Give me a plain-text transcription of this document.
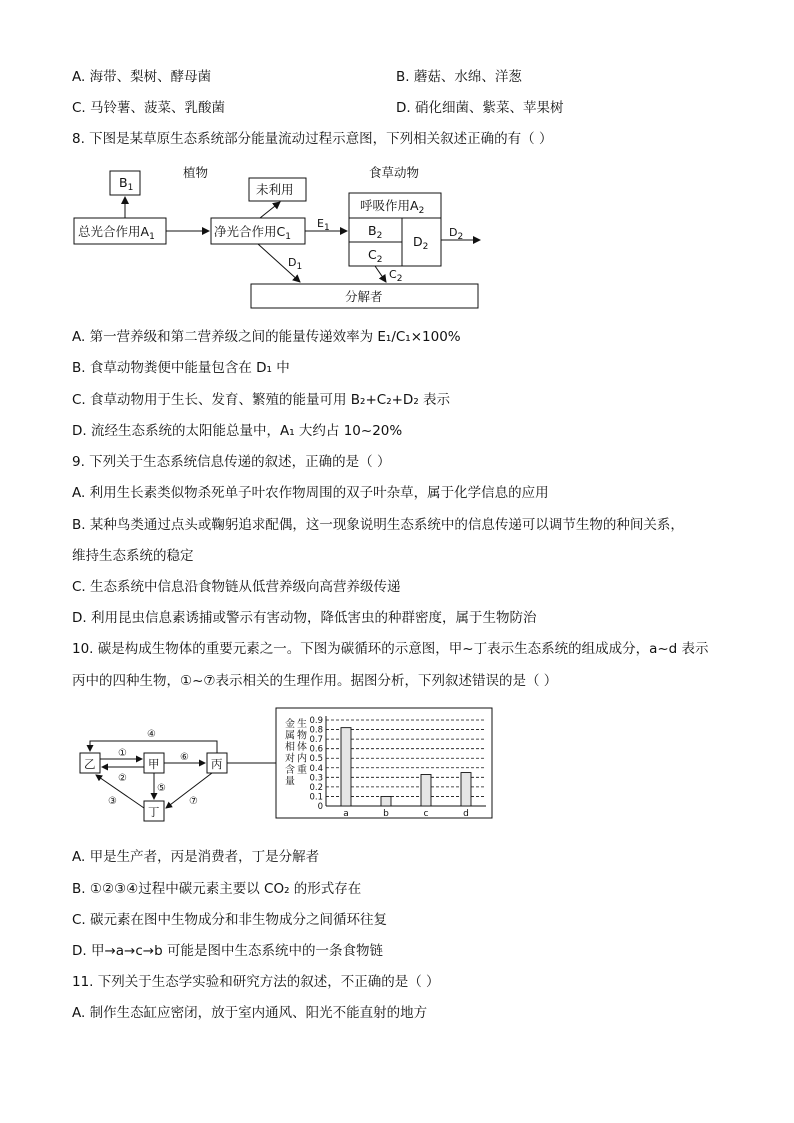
A. 海带、梨树、酵母菌	B. 蘑菇、水绵、洋葱
C. 马铃薯、菠菜、乳酸菌	D. 硝化细菌、紫菜、苹果树
8. 下图是某草原生态系统部分能量流动过程示意图，下列相关叙述正确的有（ ）
植物	食草动物
$B_1$	未利用
总光合作用$A_1$	净光合作用$C_1$
$E_1$
呼吸作用$A_2$
$B_2$
$C_2$
$D_2$
$D_1$
$C_2$
$D_2$
分解者
A. 第一营养级和第二营养级之间的能量传递效率为 E₁/C₁×100%
B. 食草动物粪便中能量包含在 D₁ 中
C. 食草动物用于生长、发育、繁殖的能量可用 B₂+C₂+D₂ 表示
D. 流经生态系统的太阳能总量中，A₁ 大约占 10~20%
9. 下列关于生态系统信息传递的叙述，正确的是（ ）
A. 利用生长素类似物杀死单子叶农作物周围的双子叶杂草，属于化学信息的应用
B. 某种鸟类通过点头或鞠躬追求配偶，这一现象说明生态系统中的信息传递可以调节生物的种间关系，
维持生态系统的稳定
C. 生态系统中信息沿食物链从低营养级向高营养级传递
D. 利用昆虫信息素诱捕或警示有害动物，降低害虫的种群密度，属于生物防治
10. 碳是构成生物体的重要元素之一。下图为碳循环的示意图，甲~丁表示生态系统的组成成分，a~d 表示
丙中的四种生物，①~⑦表示相关的生理作用。据图分析，下列叙述错误的是（ ）
乙	甲	丙
丁
④
①
②
⑥
⑤
③	⑦
金
属
相
对
含
量
生
物
体
内
重
0.9
0.8
0.7
0.6
0.5
0.4
0.3
0.2
0.1
0
a	b	c	d
A. 甲是生产者，丙是消费者，丁是分解者
B. ①②③④过程中碳元素主要以 CO₂ 的形式存在
C. 碳元素在图中生物成分和非生物成分之间循环往复
D. 甲→a→c→b 可能是图中生态系统中的一条食物链
11. 下列关于生态学实验和研究方法的叙述，不正确的是（ ）
A. 制作生态缸应密闭，放于室内通风、阳光不能直射的地方
